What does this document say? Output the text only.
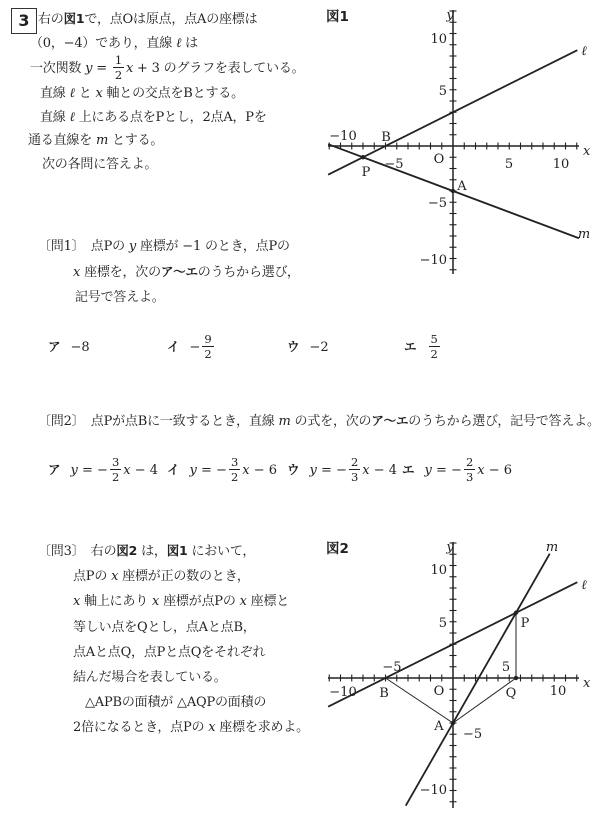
3 右の図1で，点Oは原点，点Aの座標は
（0，−4）であり，直線 ℓ は
一次関数 $y = \frac{1}{2}$ x + 3 のグラフを表している。
直線 ℓ と x 軸との交点をBとする。
直線 ℓ 上にある点をPとし，2点A，Pを
通る直線を m とする。
次の各問に答えよ。
〔問1〕　点Pの y 座標が −1 のとき，点Pの
x 座標を，次のア～エのうちから選び，
記号で答えよ。
ア −8	イ − $\frac{9}{2}$	ウ −2	エ $\frac{5}{2}$
〔問2〕　点Pが点Bに一致するとき，直線 m の式を，次のア～エのうちから選び，記号で答えよ。
ア y = − $\frac{3}{2}$ x − 4 イ y = − $\frac{3}{2}$ x − 6 ウ y = − $\frac{2}{3}$ x − 4 エ y = − $\frac{2}{3}$ x − 6
〔問3〕　右の図2 は，図1 において，
点Pの x 座標が正の数のとき，
x 軸上にあり x 座標が点Pの x 座標と
等しい点をQとし，点Aと点B，
点Aと点Q，点Pと点Qをそれぞれ
結んだ場合を表している。
△APBの面積が △AQPの面積の
2倍になるとき，点Pの x 座標を求めよ。
図1	y
x
O
10
5
−5
−10
−10
−5	5	10
B
P
A
ℓ
m
図2	y
x
O
10
5
−5
−10
−10
−5	5
10
B	Q
A
P
ℓ
m
